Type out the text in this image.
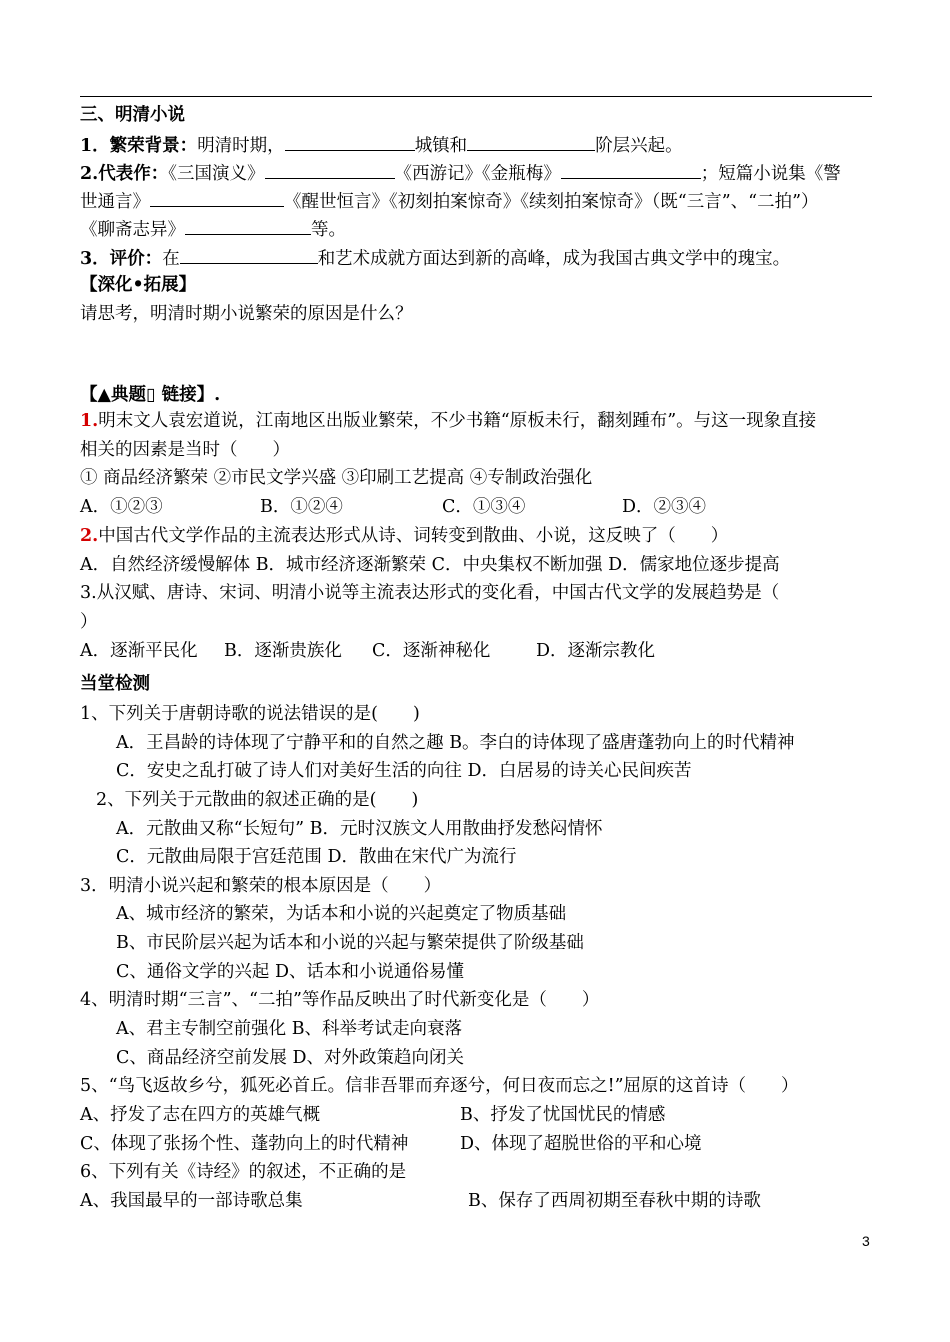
三、明清小说
1．繁荣背景：明清时期，	城镇和	阶层兴起。
2.代表作：《三国演义》	《西游记》《金瓶梅》	；短篇小说集《警
世通言》	《醒世恒言》《初刻拍案惊奇》《续刻拍案惊奇》（既“三言”、“二拍”）
《聊斋志异》	等。
3．评价：在	和艺术成就方面达到新的高峰，成为我国古典文学中的瑰宝。
【深化•拓展】
请思考，明清时期小说繁荣的原因是什么？
【▲典题▯ 链接】.
1.明末文人袁宏道说，江南地区出版业繁荣，不少书籍“原板未行，翻刻踵布”。与这一现象直接
相关的因素是当时（　　）
① 商品经济繁荣 ②市民文学兴盛 ③印刷工艺提高 ④专制政治强化
A．①②③	B．①②④	C．①③④	D．②③④
2.中国古代文学作品的主流表达形式从诗、词转变到散曲、小说，这反映了（　　）
A．自然经济缓慢解体 B．城市经济逐渐繁荣 C．中央集权不断加强 D．儒家地位逐步提高
3.从汉赋、唐诗、宋词、明清小说等主流表达形式的变化看，中国古代文学的发展趋势是（
）
A．逐渐平民化 B．逐渐贵族化 C．逐渐神秘化	D．逐渐宗教化
当堂检测
1、下列关于唐朝诗歌的说法错误的是(　　)
A．王昌龄的诗体现了宁静平和的自然之趣 B。李白的诗体现了盛唐蓬勃向上的时代精神
C．安史之乱打破了诗人们对美好生活的向往 D．白居易的诗关心民间疾苦
2、下列关于元散曲的叙述正确的是(　　)
A．元散曲又称“长短句” B．元时汉族文人用散曲抒发愁闷情怀
C．元散曲局限于宫廷范围 D．散曲在宋代广为流行
3．明清小说兴起和繁荣的根本原因是（　　）
A、城市经济的繁荣，为话本和小说的兴起奠定了物质基础
B、市民阶层兴起为话本和小说的兴起与繁荣提供了阶级基础
C、通俗文学的兴起 D、话本和小说通俗易懂
4、明清时期“三言”、“二拍”等作品反映出了时代新变化是（　　）
A、君主专制空前强化 B、科举考试走向衰落
C、商品经济空前发展 D、对外政策趋向闭关
5、“鸟飞返故乡兮，狐死必首丘。信非吾罪而弃逐兮，何日夜而忘之!”屈原的这首诗（　　）
A、抒发了志在四方的英雄气概	B、抒发了忧国忧民的情感
C、体现了张扬个性、蓬勃向上的时代精神	D、体现了超脱世俗的平和心境
6、下列有关《诗经》的叙述，不正确的是
A、我国最早的一部诗歌总集	B、保存了西周初期至春秋中期的诗歌
3
